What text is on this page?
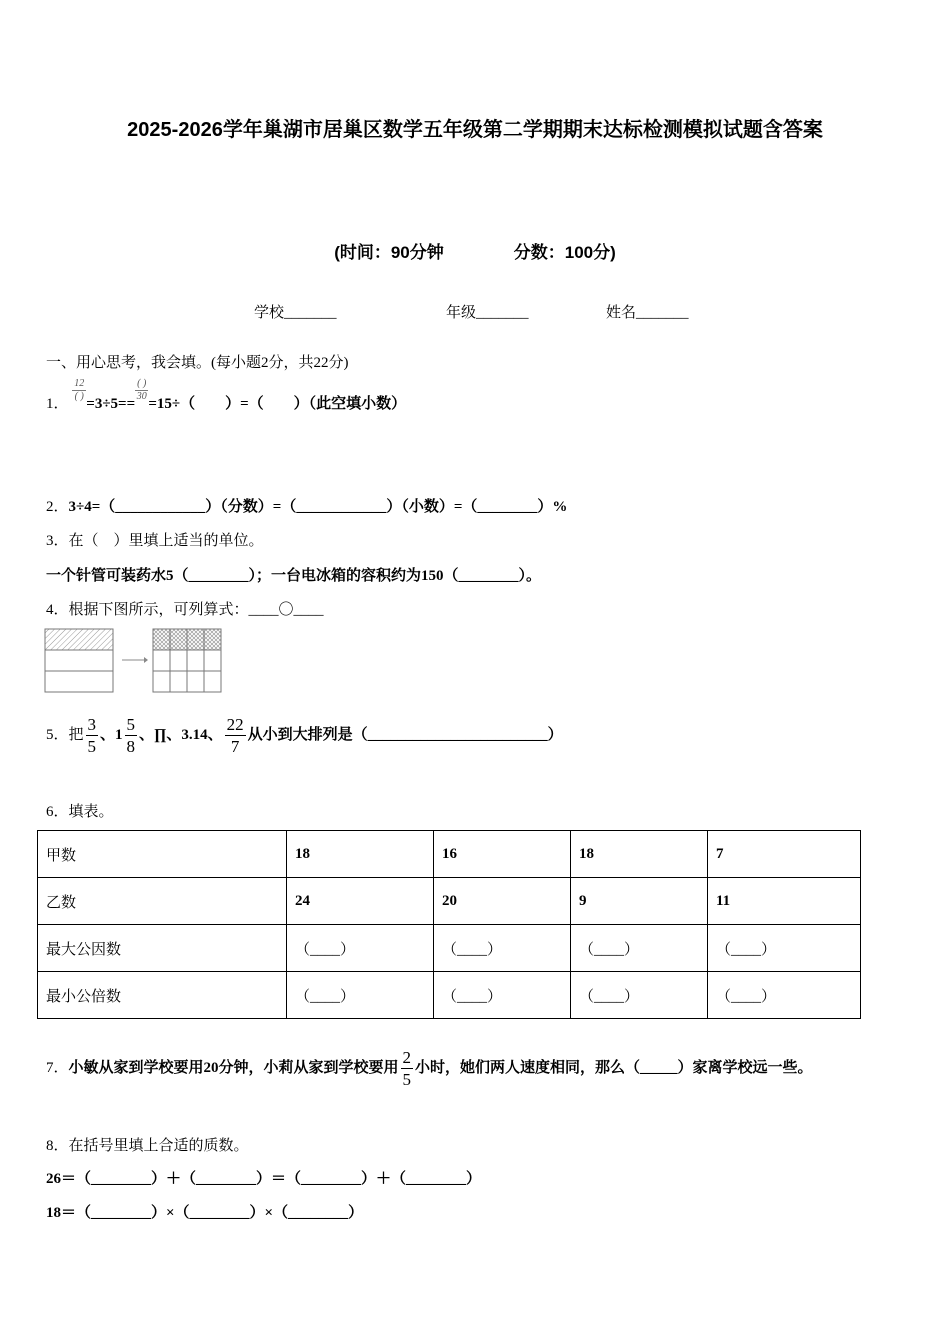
2025-2026学年巢湖市居巢区数学五年级第二学期期末达标检测模拟试题含答案
(时间：90分钟	分数：100分)
学校_______	年级_______	姓名_______
一、用心思考，我会填。(每小题2分，共22分)
1．
12
( ) =3÷5==
( )
30 =15÷（　　）=（　　）（此空填小数）
2．3÷4=（____________）（分数）=（____________）（小数）=（________）%
3．在（　）里填上适当的单位。
一个针管可装药水5（________）；一台电冰箱的容积约为150（________）。
4．根据下图所示，可列算式：____〇____
5．把 $\frac{3}{5}$ 、$1 \frac{5}{8}$ 、∏、3.14、 $\frac{22}{7}$ 从小到大排列是（________________________）
6．填表。
甲数	18	16	18	7
乙数	24	20	9	11
最大公因数	（____）	（____）	（____）	（____）
最小公倍数	（____）	（____）	（____）	（____）
7．小敏从家到学校要用20分钟，小莉从家到学校要用 $\frac{2}{5}$ 小时，她们两人速度相同，那么（_____）家离学校远一些。
8．在括号里填上合适的质数。
26＝（________）＋（________）＝（________）＋（________）
18＝（________）×（________）×（________）
